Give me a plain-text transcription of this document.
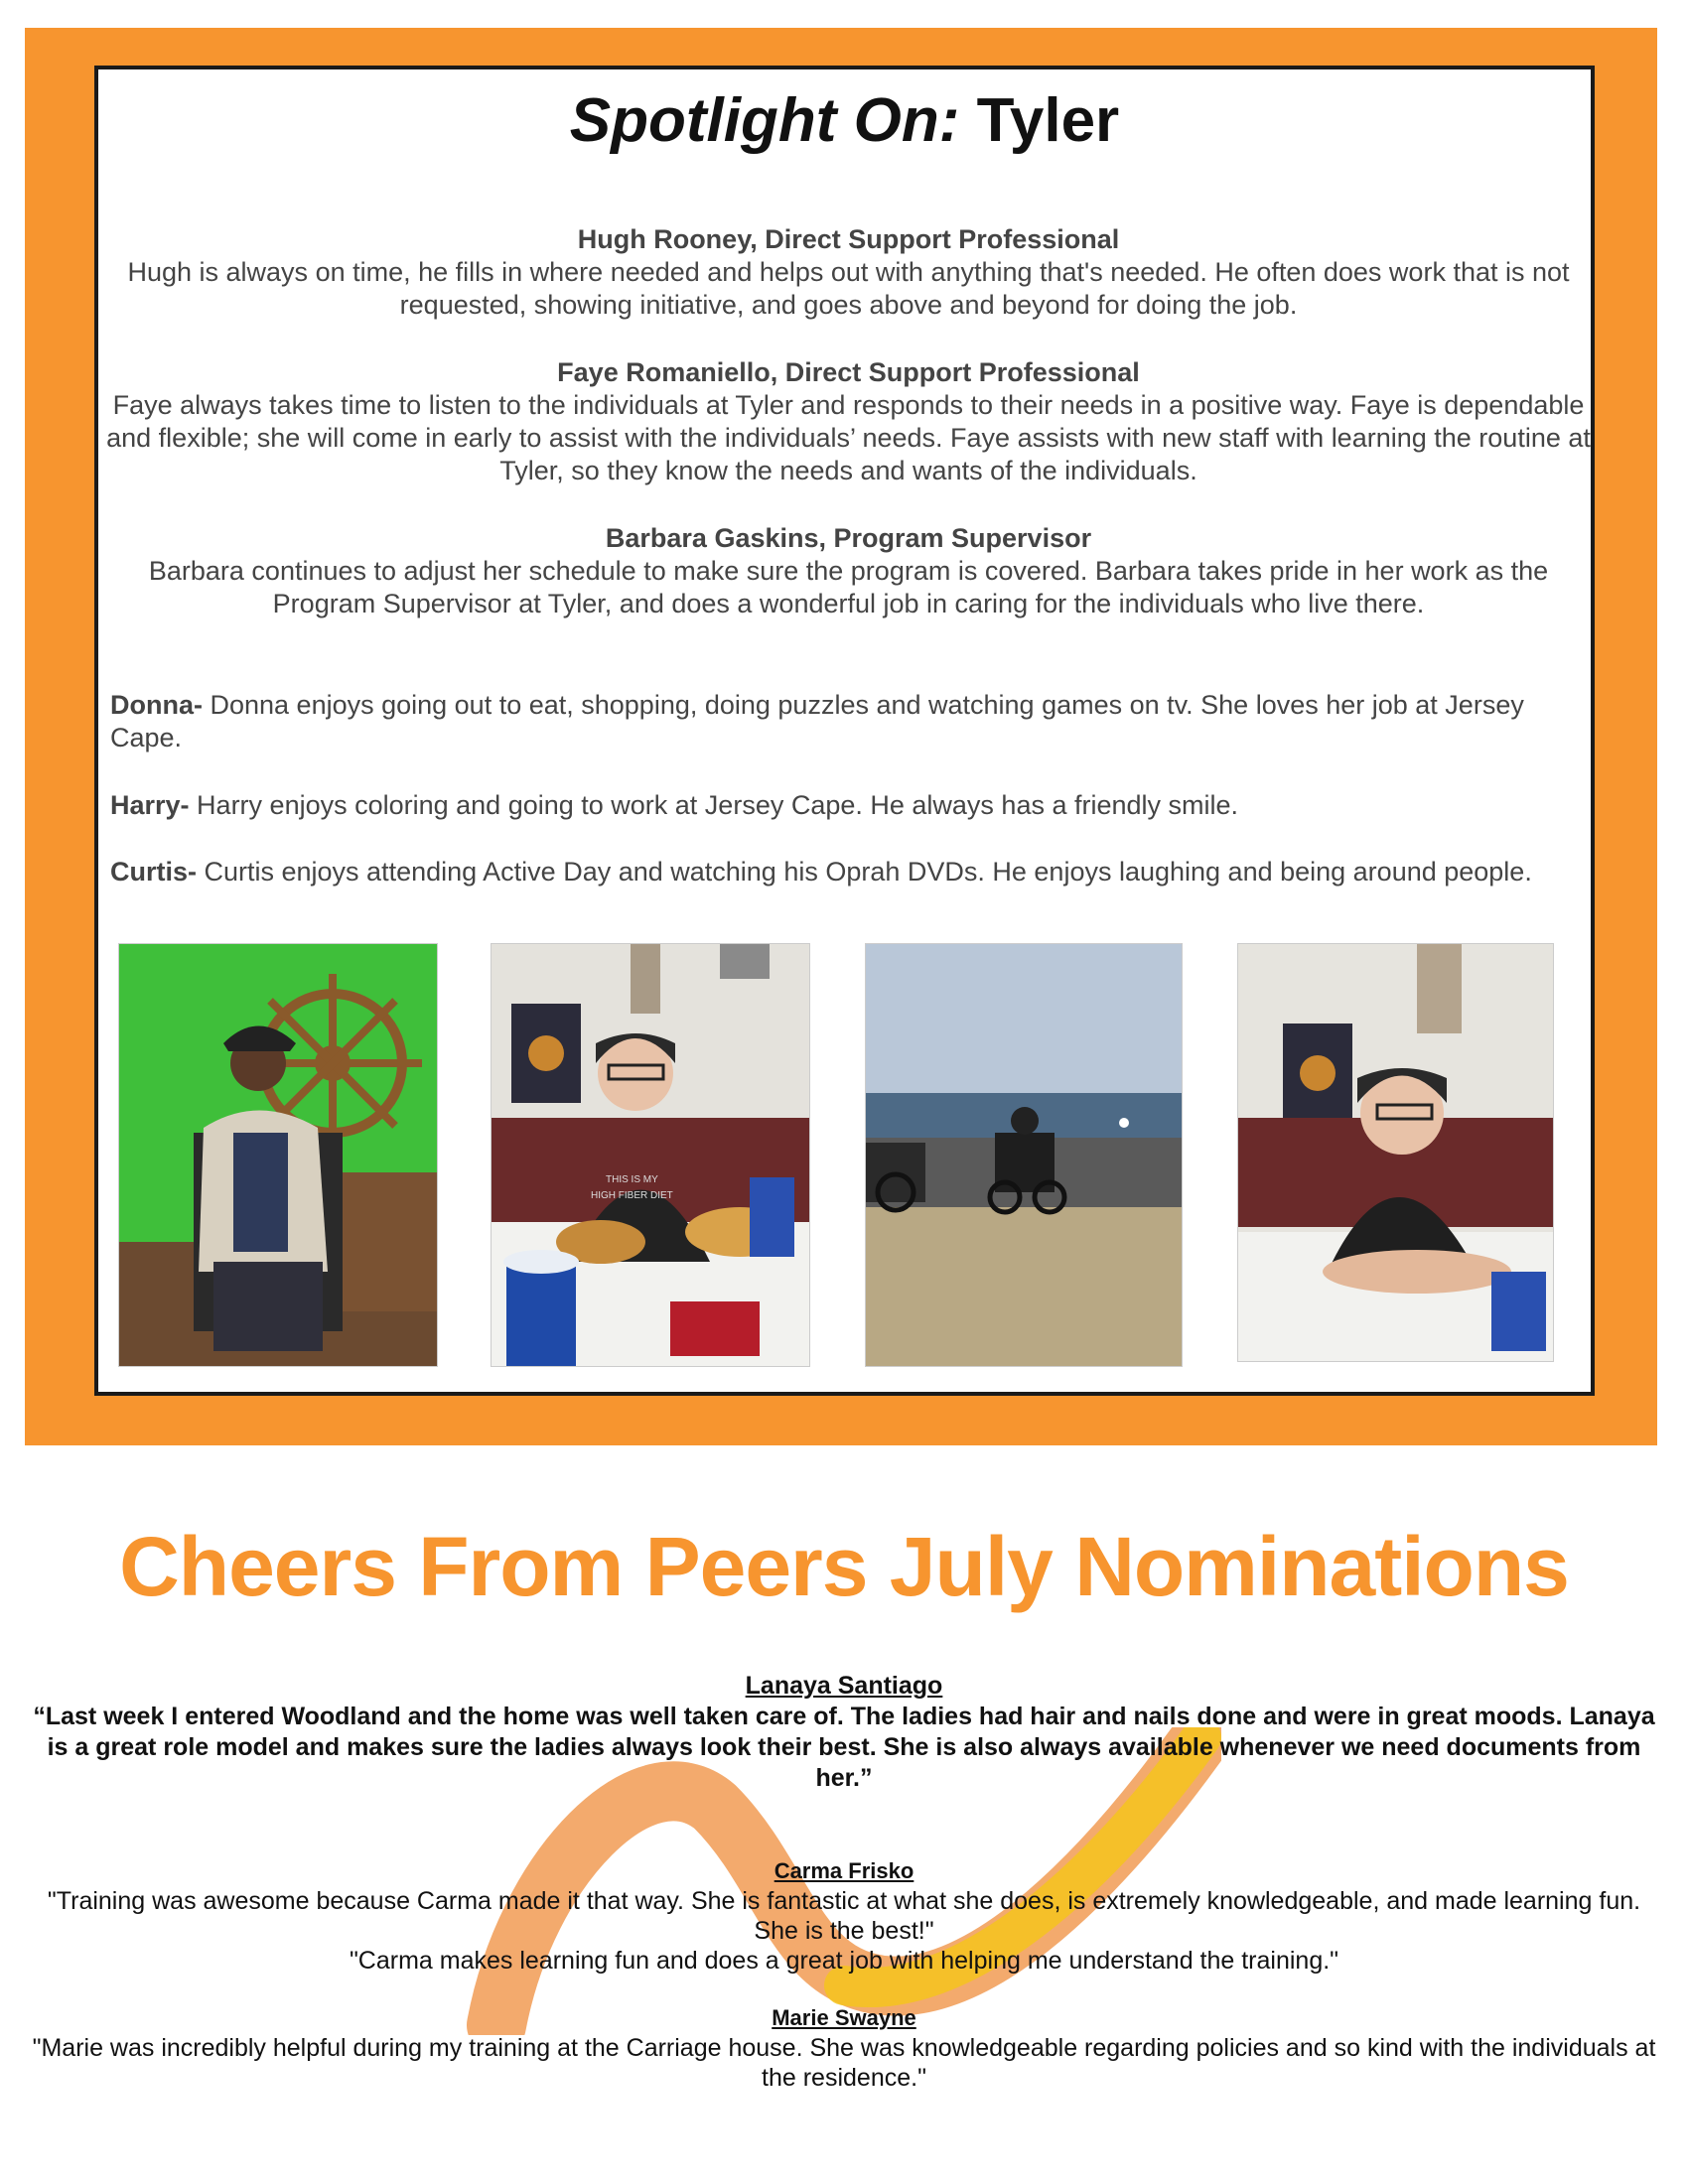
Spotlight On: Tyler
Hugh Rooney, Direct Support Professional
Hugh is always on time, he fills in where needed and helps out with anything that's needed. He often does work that is not requested, showing initiative, and goes above and beyond for doing the job.
Faye Romaniello, Direct Support Professional
Faye always takes time to listen to the individuals at Tyler and responds to their needs in a positive way. Faye is dependable and flexible; she will come in early to assist with the individuals’ needs. Faye assists with new staff with learning the routine at Tyler, so they know the needs and wants of the individuals.
Barbara Gaskins, Program Supervisor
Barbara continues to adjust her schedule to make sure the program is covered. Barbara takes pride in her work as the Program Supervisor at Tyler, and does a wonderful job in caring for the individuals who live there.
Donna- Donna enjoys going out to eat, shopping, doing puzzles and watching games on tv. She loves her job at Jersey Cape.
Harry- Harry enjoys coloring and going to work at Jersey Cape. He always has a friendly smile.
Curtis- Curtis enjoys attending Active Day and watching his Oprah DVDs. He enjoys laughing and being around people.
THIS IS MY
HIGH FIBER DIET
Cheers From Peers July Nominations
Lanaya Santiago
“Last week I entered Woodland and the home was well taken care of. The ladies had hair and nails done and were in great moods. Lanaya is a great role model and makes sure the ladies always look their best. She is also always available whenever we need documents from her.”
Carma Frisko
"Training was awesome because Carma made it that way. She is fantastic at what she does, is extremely knowledgeable, and made learning fun. She is the best!"
"Carma makes learning fun and does a great job with helping me understand the training."
Marie Swayne
"Marie was incredibly helpful during my training at the Carriage house. She was knowledgeable regarding policies and so kind with the individuals at the residence."
